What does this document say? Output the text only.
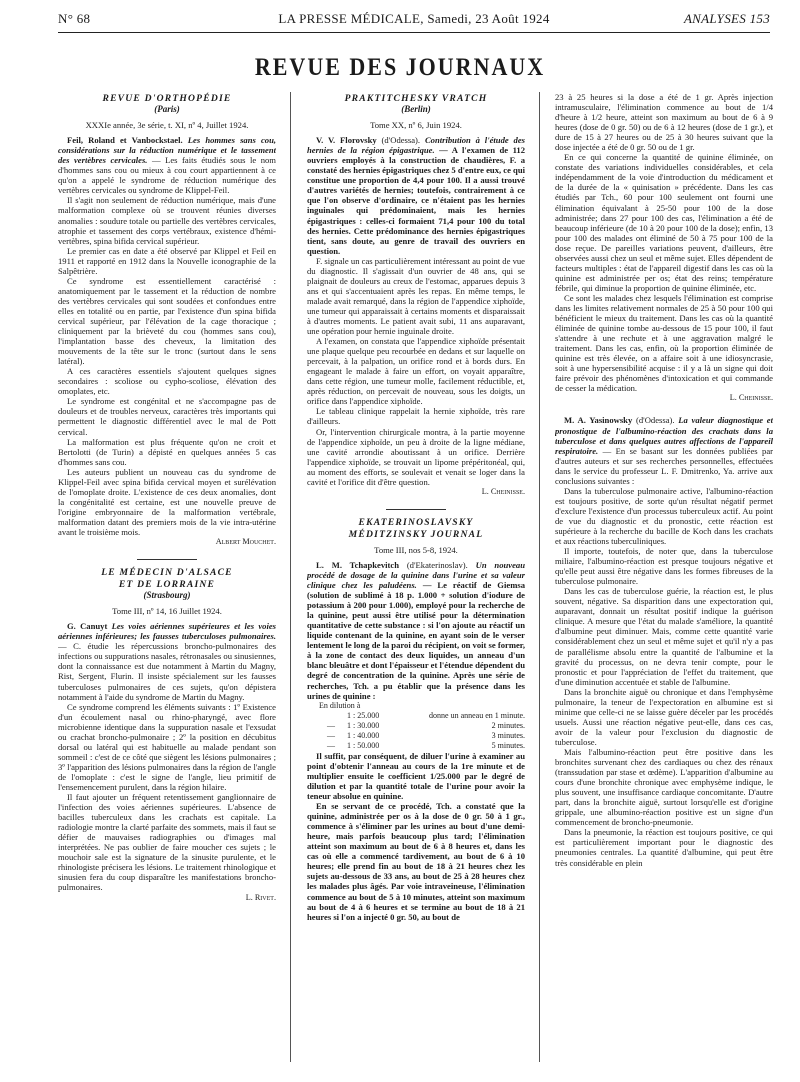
N° 68	LA PRESSE MÉDICALE, Samedi, 23 Août 1924	ANALYSES 153
REVUE DES JOURNAUX
REVUE D'ORTHOPÉDIE
(Paris)
XXXIe année, 3e série, t. XI, nº 4, Juillet 1924.

Feil, Roland et Vanbockstael. Les hommes sans cou, considérations sur la réduction numérique et le tassement des vertèbres cervicales. — Les faits étudiés sous le nom d'hommes sans cou ou mieux à cou court appartiennent à ce qu'on a appelé le syndrome de réduction numérique des vertèbres cervicales ou syndrome de Klippel-Feil.

Il s'agit non seulement de réduction numérique, mais d'une malformation complexe où se trouvent réunies diverses anomalies : soudure totale ou partielle des vertèbres cervicales, atrophie et tassement des corps vertébraux, existence d'hémi-vertèbres, spina bifida cervical supérieur.

Le premier cas en date a été observé par Klippel et Feil en 1911 et rapporté en 1912 dans la Nouvelle iconographie de la Salpêtrière.

Ce syndrome est essentiellement caractérisé : anatomiquement par le tassement et la réduction de nombre des vertèbres cervicales qui sont soudées et confondues entre elles en totalité ou en partie, par l'existence d'un spina bifida cervical supérieur, par l'élévation de la cage thoracique ; cliniquement par la brièveté du cou (hommes sans cou), l'implantation basse des cheveux, la limitation des mouvements de la tête sur le tronc (surtout dans le sens latéral).

A ces caractères essentiels s'ajoutent quelques signes secondaires : scoliose ou cypho-scoliose, élévation des omoplates, etc.

Le syndrome est congénital et ne s'accompagne pas de douleurs et de troubles nerveux, caractères très importants qui permettent le diagnostic différentiel avec le mal de Pott cervical.

La malformation est plus fréquente qu'on ne croit et Bertolotti (de Turin) a dépisté en quelques années 5 cas d'hommes sans cou.

Les auteurs publient un nouveau cas du syndrome de Klippel-Feil avec spina bifida cervical moyen et surélévation de l'omoplate droite. L'existence de ces deux anomalies, dont la congénitalité est certaine, est une nouvelle preuve de l'origine embryonnaire de la malformation vertébrale, malformation datant des premiers mois de la vie intra-utérine avant le troisième mois.

Albert Mouchet.
LE MÉDECIN D'ALSACE
ET DE LORRAINE
(Strasbourg)
Tome III, nº 14, 16 Juillet 1924.

G. Canuyt Les voies aériennes supérieures et les voies aériennes inférieures; les fausses tuberculoses pulmonaires. — C. étudie les répercussions broncho-pulmonaires des infections ou suppurations nasales, rétronasales ou sinusiennes, dont la connaissance est due notamment à Martin du Magny, Rist, Sergent, Flurin. Il insiste spécialement sur les fausses tuberculoses pulmonaires de ces sujets, qu'on dépistera notamment à l'aide du syndrome de Martin du Magny.

Ce syndrome comprend les éléments suivants : 1º Existence d'un écoulement nasal ou rhino-pharyngé, avec flore microbienne identique dans la suppuration nasale et l'exsudat ou crachat broncho-pulmonaire ; 2º la position en décubitus dorsal ou latéral qui est habituelle au malade pendant son sommeil : c'est de ce côté que siègent les lésions pulmonaires ; 3º l'apparition des lésions pulmonaires dans la région de l'angle de l'omoplate : c'est le signe de l'angle, lieu primitif de l'ensemencement purulent, dans la région hilaire.

Il faut ajouter un fréquent retentissement ganglionnaire de l'infection des voies aériennes supérieures. L'absence de bacilles tuberculeux dans les crachats est capitale. La radiologie montre la clarté parfaite des sommets, mais il faut se défier de mauvaises radiographies ou d'images mal interprétées. Ne pas oublier de faire moucher ces sujets ; le mouchoir sale est la signature de la sinusite purulente, et le rhinologiste précisera les lésions. Le traitement rhinologique et sinusien fera du coup disparaître les manifestations broncho-pulmonaires.

L. Rivet.
PRAKTITCHESKY VRATCH
(Berlin)
Tome XX, nº 6, Juin 1924.

V. V. Florovsky (d'Odessa). Contribution à l'étude des hernies de la région épigastrique. — A l'examen de 112 ouvriers employés à la construction de chaudières, F. a constaté des hernies épigastriques chez 5 d'entre eux, ce qui constitue une proportion de 4,4 pour 100. Il a aussi trouvé d'autres variétés de hernies; toutefois, contrairement à ce que l'on observe d'ordinaire, ce n'étaient pas les hernies inguinales qui prédominaient, mais les hernies épigastriques : celles-ci formaient 71,4 pour 100 du total des hernies. Cette prédominance des hernies épigastriques tient, sans doute, au genre de travail des ouvriers en question.

F. signale un cas particulièrement intéressant au point de vue du diagnostic. Il s'agissait d'un ouvrier de 48 ans, qui se plaignait de douleurs au creux de l'estomac, apparues depuis 3 ans et qui s'accentuaient après les repas. En même temps, le malade avait remarqué, dans la région de l'appendice xiphoïde, une tumeur qui apparaissait à certains moments et disparaissait à d'autres moments. Le patient avait subi, 11 ans auparavant, une opération pour hernie inguinale droite.

A l'examen, on constata que l'appendice xiphoïde présentait une plaque quelque peu recourbée en dedans et sur laquelle on percevait, à la palpation, un orifice rond et à bords durs. En engageant le malade à faire un effort, on voyait apparaître, dans cette région, une tumeur molle, facilement réductible, et, après réduction, on percevait de nouveau, sous les doigts, un orifice dans l'appendice xiphoïde.

Le tableau clinique rappelait la hernie xiphoïde, très rare d'ailleurs.

Or, l'intervention chirurgicale montra, à la partie moyenne de l'appendice xiphoïde, un peu à droite de la ligne médiane, une cavité arrondie aboutissant à un orifice. Derrière l'appendice xiphoïde, se trouvait un lipome prépéritonéal, qui, au moment des efforts, se soulevait et venait se loger dans la cavité et l'orifice dit d'être question.

L. Cheinisse.
EKATERINOSLAVSKY
MÉDITZINSKY JOURNAL
Tome III, nos 5-8, 1924.

L. M. Tchapkevitch (d'Ekaterinoslav). Un nouveau procédé de dosage de la quinine dans l'urine et sa valeur clinique chez les paludéens. — Le réactif de Giemsa (solution de sublimé à 18 p. 1.000 + solution d'iodure de potassium à 200 pour 1.000), employé pour la recherche de la quinine, peut aussi être utilisé pour la détermination quantitative de cette substance : si l'on ajoute au réactif un liquide contenant de la quinine, en ayant soin de le verser lentement le long de la paroi du récipient, on voit se former, à la zone de contact des deux liquides, un anneau d'un blanc bleuâtre et dont l'épaisseur et l'étendue dépendent du degré de concentration de la quinine. Après une série de recherches, Tch. a pu établir que la présence dans les urines de quinine :

En dilution à
1 : 25.000	donne un anneau en 1 minute.
—	1 : 30.000	2 minutes.
—	1 : 40.000	3 minutes.
—	1 : 50.000	5 minutes.

Il suffit, par conséquent, de diluer l'urine à examiner au point d'obtenir l'anneau au cours de la 1re minute et de multiplier ensuite le coefficient 1/25.000 par le degré de dilution et par la quantité totale de l'urine pour avoir la teneur absolue en quinine.

En se servant de ce procédé, Tch. a constaté que la quinine, administrée per os à la dose de 0 gr. 50 à 1 gr., commence à s'éliminer par les urines au bout d'une demi-heure, mais parfois beaucoup plus tard; l'élimination atteint son maximum au bout de 6 à 8 heures et, dans les cas où elle a commencé tardivement, au bout de 6 à 10 heures; elle prend fin au bout de 18 à 21 heures chez les sujets au-dessous de 33 ans, au bout de 25 à 28 heures chez les malades plus âgés. Par voie intraveineuse, l'élimination commence au bout de 5 à 10 minutes, atteint son maximum au bout de 4 à 6 heures et se termine au bout de 18 à 21 heures si l'on a injecté 0 gr. 50, au bout de

23 à 25 heures si la dose a été de 1 gr. Après injection intramusculaire, l'élimination commence au bout de 1/4 d'heure à 1/2 heure, atteint son maximum au bout de 6 à 9 heures (dose de 0 gr. 50) ou de 6 à 12 heures (dose de 1 gr.), et dure de 15 à 27 heures ou de 25 à 30 heures suivant que la dose injectée a été de 0 gr. 50 ou de 1 gr.

En ce qui concerne la quantité de quinine éliminée, on constate des variations individuelles considérables, et cela indépendamment de la voie d'introduction du médicament et de la durée de la « quinisation » précédente. Dans les cas étudiés par Tch., 60 pour 100 seulement ont fourni une élimination équivalant à 25-50 pour 100 de la dose administrée; dans 27 pour 100 des cas, l'élimination a été de beaucoup inférieure (de 10 à 20 pour 100 de la dose); enfin, 13 pour 100 des malades ont éliminé de 50 à 75 pour 100 de la dose reçue. De pareilles variations peuvent, d'ailleurs, être observées aussi chez un seul et même sujet. Elles dépendent de facteurs multiples : état de l'appareil digestif dans les cas où la quinine est administrée per os; état des reins; température fébrile, qui diminue la proportion de quinine éliminée, etc.

Ce sont les malades chez lesquels l'élimination est comprise dans les limites relativement normales de 25 à 50 pour 100 qui bénéficient le mieux du traitement. Dans les cas où la quantité éliminée de quinine tombe au-dessous de 15 pour 100, il faut s'attendre à une rechute et à une aggravation malgré le traitement. Dans les cas, enfin, où la proportion éliminée de quinine est très élevée, on a affaire soit à une idiosyncrasie, soit à une hypersensibilité acquise : il y a là un signe qui doit faire prévoir des phénomènes d'intoxication et qui commande de cesser la médication.

L. Cheinisse.

M. A. Yasinowsky (d'Odessa). La valeur diagnostique et pronostique de l'albumino-réaction des crachats dans la tuberculose et dans quelques autres affections de l'appareil respiratoire. — En se basant sur les données publiées par d'autres auteurs et sur ses recherches personnelles, effectuées dans le service du professeur L. F. Dmitrenko, Ya. arrive aux conclusions suivantes :

Dans la tuberculose pulmonaire active, l'albumino-réaction est toujours positive, de sorte qu'un résultat négatif permet d'exclure l'existence d'un processus tuberculeux actif. Au point de vue du diagnostic et du pronostic, cette réaction est supérieure à la recherche du bacille de Koch dans les crachats et aux réactions tuberculiniques.

Il importe, toutefois, de noter que, dans la tuberculose miliaire, l'albumino-réaction est presque toujours négative et qu'elle peut aussi être négative dans les formes fibreuses de la tuberculose pulmonaire.

Dans les cas de tuberculose guérie, la réaction est, le plus souvent, négative. Sa disparition dans une expectoration qui, auparavant, donnait un résultat positif indique la guérison clinique. A mesure que l'état du malade s'améliore, la quantité d'albumine peut diminuer. Mais, comme cette quantité varie considérablement chez un seul et même sujet et qu'il n'y a pas de parallélisme absolu entre la quantité de l'albumine et la gravité du processus, on ne devra tenir compte, pour le pronostic et pour l'appréciation de l'effet du traitement, que d'une diminution accentuée et stable de l'albumine.

Dans la bronchite aiguë ou chronique et dans l'emphysème pulmonaire, la teneur de l'expectoration en albumine est si minime que celle-ci ne se laisse guère déceler par les procédés usuels. Aussi une réaction négative peut-elle, dans ces cas, avoir de la valeur pour l'exclusion du diagnostic de tuberculose.

Mais l'albumino-réaction peut être positive dans les bronchites survenant chez des cardiaques ou chez des rénaux (transsudation par stase et œdème). L'apparition d'albumine au cours d'une bronchite chronique avec emphysème indique, le plus souvent, une insuffisance cardiaque concomitante. D'autre part, dans la bronchite aiguë, surtout lorsqu'elle est d'origine grippale, une albumino-réaction positive est un signe d'un commencement de broncho-pneumonie.

Dans la pneumonie, la réaction est toujours positive, ce qui est particulièrement important pour le diagnostic des pneumonies centrales. La quantité d'albumine, qui peut être très considérable en plein
